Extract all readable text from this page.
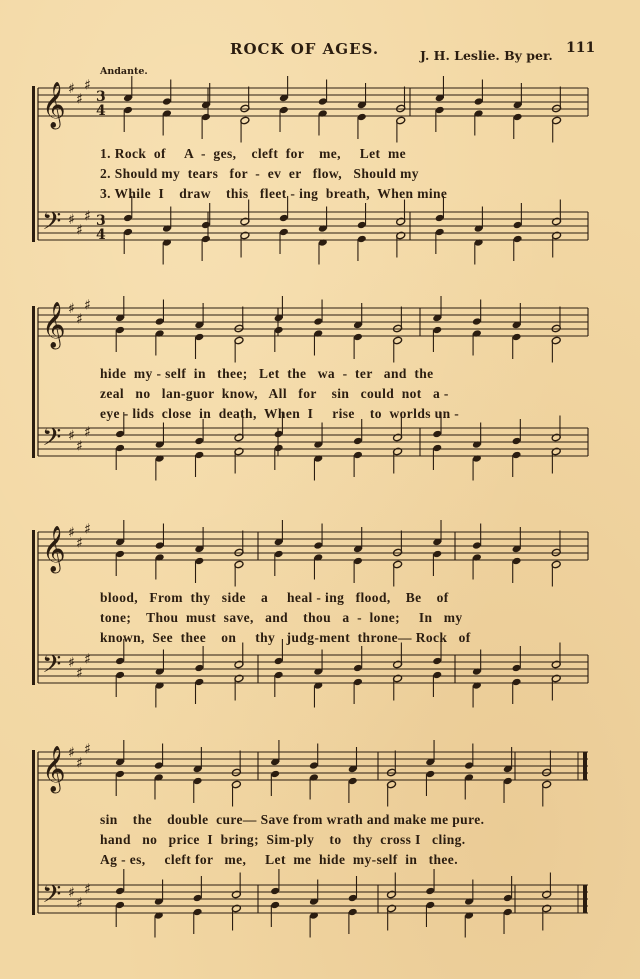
ROCK OF AGES.	J. H. Leslie. By per. 111
Andante.
𝄞
𝄢
♯
♯
♯
♯
♯
♯
3
4
3
4
𝄞
𝄢
♯
♯
♯
♯
♯
♯
𝄞
𝄢
♯
♯
♯
♯
♯
♯
𝄞
𝄢
♯
♯
♯
♯
♯
♯
1. Rock  of     A  -  ges,    cleft  for    me,     Let  me
2. Should my  tears   for  -  ev  er   flow,   Should my
3. While  I    draw    this   fleet - ing  breath,  When mine
hide  my - self  in   thee;   Let  the   wa  -  ter   and  the
zeal   no   lan-guor  know,   All   for    sin   could  not   a -
eye - lids  close  in  death,  When  I     rise    to  worlds un -
blood,   From  thy   side    a     heal - ing   flood,    Be    of
tone;    Thou  must  save,   and    thou   a  -  lone;     In   my
known,  See  thee    on     thy   judg-ment  throne— Rock   of
sin    the    double  cure— Save from wrath and make me pure.
hand   no   price  I  bring;  Sim-ply    to   thy  cross I   cling.
Ag - es,     cleft for   me,     Let  me  hide  my-self  in   thee.
